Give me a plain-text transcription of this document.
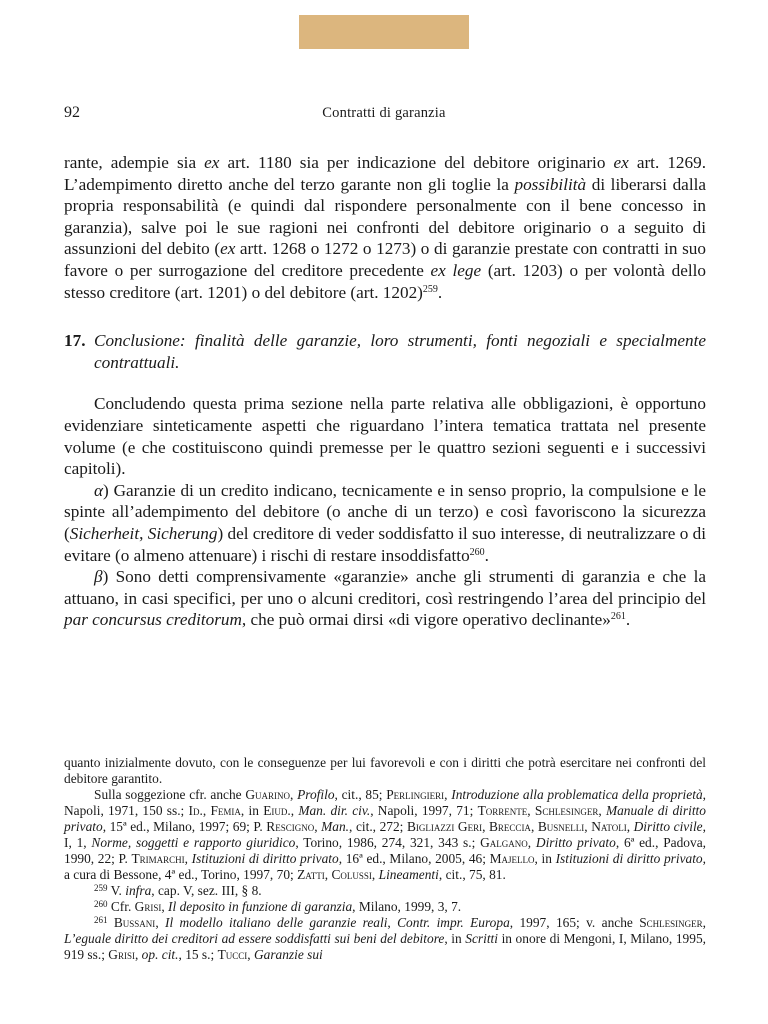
92	Contratti di garanzia

rante, adempie sia ex art. 1180 sia per indicazione del debitore originario ex art. 1269. L’adempimento diretto anche del terzo garante non gli toglie la possibilità di liberarsi dalla propria responsabilità (e quindi dal rispondere personalmente con il bene concesso in garanzia), salve poi le sue ragioni nei confronti del debitore originario o a seguito di assunzioni del debito (ex artt. 1268 o 1272 o 1273) o di garanzie prestate con contratti in suo favore o per surrogazione del creditore precedente ex lege (art. 1203) o per volontà dello stesso creditore (art. 1201) o del debitore (art. 1202)$^{259}$.

17. Conclusione: finalità delle garanzie, loro strumenti, fonti negoziali e specialmente contrattuali.

Concludendo questa prima sezione nella parte relativa alle obbligazioni, è opportuno evidenziare sinteticamente aspetti che riguardano l’intera tematica trattata nel presente volume (e che costituiscono quindi premesse per le quattro sezioni seguenti e i successivi capitoli).

α) Garanzie di un credito indicano, tecnicamente e in senso proprio, la compulsione e le spinte all’adempimento del debitore (o anche di un terzo) e così favoriscono la sicurezza (Sicherheit, Sicherung) del creditore di veder soddisfatto il suo interesse, di neutralizzare o di evitare (o almeno attenuare) i rischi di restare insoddisfatto$^{260}$.

β) Sono detti comprensivamente «garanzie» anche gli strumenti di garanzia e che la attuano, in casi specifici, per uno o alcuni creditori, così restringendo l’area del principio del par concursus creditorum, che può ormai dirsi «di vigore operativo declinante»$^{261}$.

quanto inizialmente dovuto, con le conseguenze per lui favorevoli e con i diritti che potrà esercitare nei confronti del debitore garantito.

Sulla soggezione cfr. anche Guarino, Profilo, cit., 85; Perlingieri, Introduzione alla problematica della proprietà, Napoli, 1971, 150 ss.; Id., Femia, in Eiud., Man. dir. civ., Napoli, 1997, 71; Torrente, Schlesinger, Manuale di diritto privato, 15ª ed., Milano, 1997; 69; P. Rescigno, Man., cit., 272; Bigliazzi Geri, Breccia, Busnelli, Natoli, Diritto civile, I, 1, Norme, soggetti e rapporto giuridico, Torino, 1986, 274, 321, 343 s.; Galgano, Diritto privato, 6ª ed., Padova, 1990, 22; P. Trimarchi, Istituzioni di diritto privato, 16ª ed., Milano, 2005, 46; Majello, in Istituzioni di diritto privato, a cura di Bessone, 4ª ed., Torino, 1997, 70; Zatti, Colussi, Lineamenti, cit., 75, 81.

$^{259}$ V. infra, cap. V, sez. III, § 8.

$^{260}$ Cfr. Grisi, Il deposito in funzione di garanzia, Milano, 1999, 3, 7.

$^{261}$ Bussani, Il modello italiano delle garanzie reali, Contr. impr. Europa, 1997, 165; v. anche Schlesinger, L’eguale diritto dei creditori ad essere soddisfatti sui beni del debitore, in Scritti in onore di Mengoni, I, Milano, 1995, 919 ss.; Grisi, op. cit., 15 s.; Tucci, Garanzie sui
